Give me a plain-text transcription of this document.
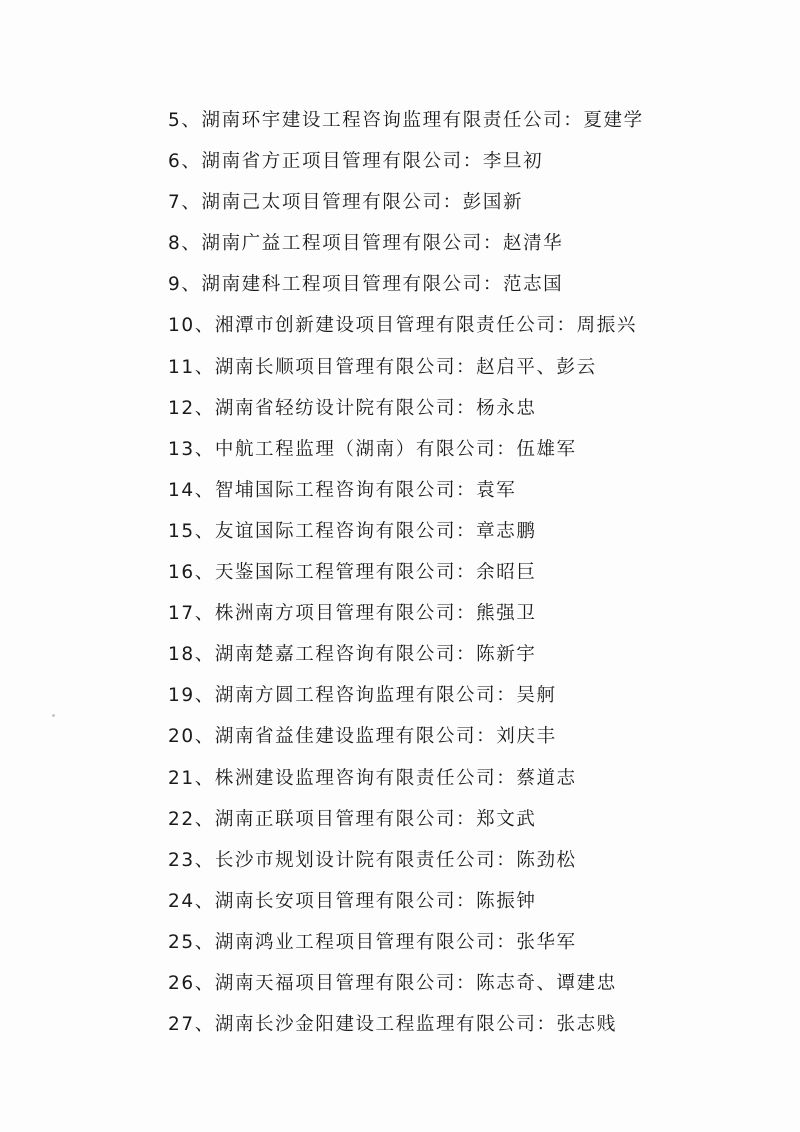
5、湖南环宇建设工程咨询监理有限责任公司：夏建学
6、湖南省方正项目管理有限公司：李旦初
7、湖南己太项目管理有限公司：彭国新
8、湖南广益工程项目管理有限公司：赵清华
9、湖南建科工程项目管理有限公司：范志国
10、湘潭市创新建设项目管理有限责任公司：周振兴
11、湖南长顺项目管理有限公司：赵启平、彭云
12、湖南省轻纺设计院有限公司：杨永忠
13、中航工程监理（湖南）有限公司：伍雄军
14、智埔国际工程咨询有限公司：袁军
15、友谊国际工程咨询有限公司：章志鹏
16、天鉴国际工程管理有限公司：余昭巨
17、株洲南方项目管理有限公司：熊强卫
18、湖南楚嘉工程咨询有限公司：陈新宇
19、湖南方圆工程咨询监理有限公司：吴舸
20、湖南省益佳建设监理有限公司：刘庆丰
21、株洲建设监理咨询有限责任公司：蔡道志
22、湖南正联项目管理有限公司：郑文武
23、长沙市规划设计院有限责任公司：陈劲松
24、湖南长安项目管理有限公司：陈振钟
25、湖南鸿业工程项目管理有限公司：张华军
26、湖南天福项目管理有限公司：陈志奇、谭建忠
27、湖南长沙金阳建设工程监理有限公司：张志贱
